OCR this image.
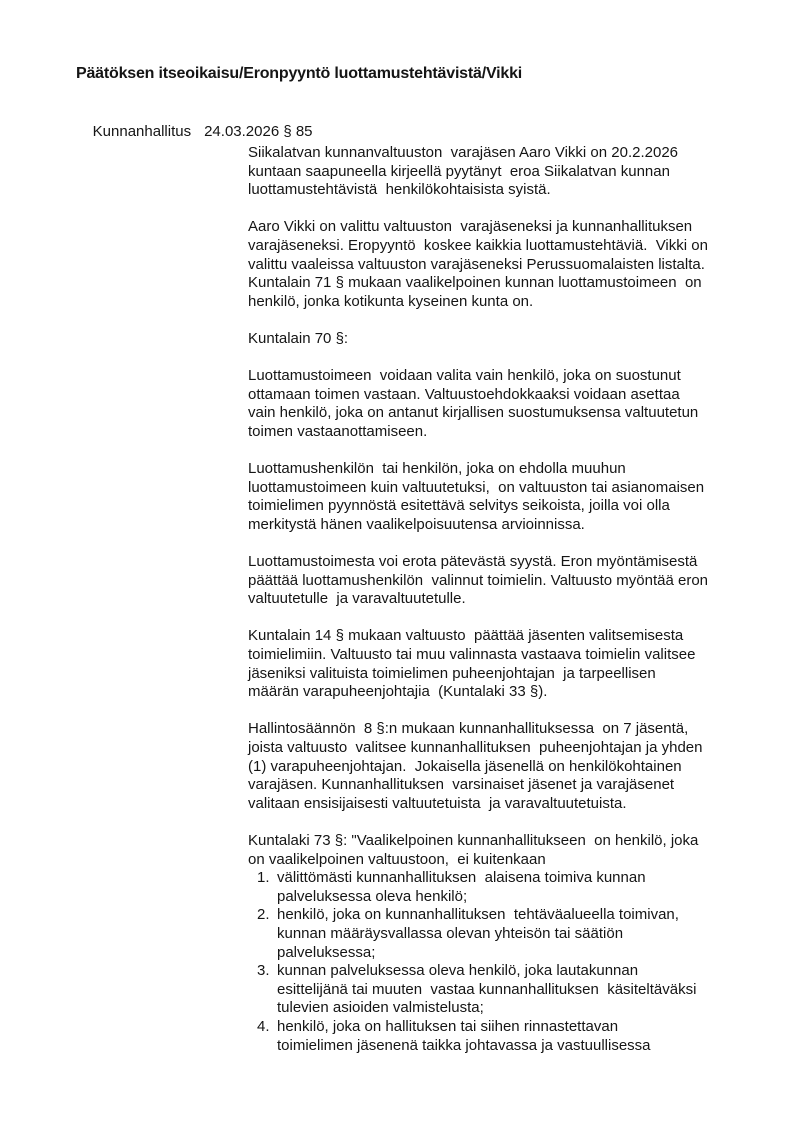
Päätöksen itseoikaisu/Eronpyyntö luottamustehtävistä/Vikki

Kunnanhallitus 24.03.2026 § 85

Siikalatvan kunnanvaltuuston  varajäsen Aaro Vikki on 20.2.2026
kuntaan saapuneella kirjeellä pyytänyt  eroa Siikalatvan kunnan
luottamustehtävistä  henkilökohtaisista syistä.
Aaro Vikki on valittu valtuuston  varajäseneksi ja kunnanhallituksen
varajäseneksi. Eropyyntö  koskee kaikkia luottamustehtäviä.  Vikki on
valittu vaaleissa valtuuston varajäseneksi Perussuomalaisten listalta.
Kuntalain 71 § mukaan vaalikelpoinen kunnan luottamustoimeen  on
henkilö, jonka kotikunta kyseinen kunta on.
Kuntalain 70 §:
Luottamustoimeen  voidaan valita vain henkilö, joka on suostunut
ottamaan toimen vastaan. Valtuustoehdokkaaksi voidaan asettaa
vain henkilö, joka on antanut kirjallisen suostumuksensa valtuutetun
toimen vastaanottamiseen.
Luottamushenkilön  tai henkilön, joka on ehdolla muuhun
luottamustoimeen kuin valtuutetuksi,  on valtuuston tai asianomaisen
toimielimen pyynnöstä esitettävä selvitys seikoista, joilla voi olla
merkitystä hänen vaalikelpoisuutensa arvioinnissa.
Luottamustoimesta voi erota pätevästä syystä. Eron myöntämisestä
päättää luottamushenkilön  valinnut toimielin. Valtuusto myöntää eron
valtuutetulle  ja varavaltuutetulle.
Kuntalain 14 § mukaan valtuusto  päättää jäsenten valitsemisesta
toimielimiin. Valtuusto tai muu valinnasta vastaava toimielin valitsee
jäseniksi valituista toimielimen puheenjohtajan  ja tarpeellisen
määrän varapuheenjohtajia  (Kuntalaki 33 §).
Hallintosäännön  8 §:n mukaan kunnanhallituksessa  on 7 jäsentä,
joista valtuusto  valitsee kunnanhallituksen  puheenjohtajan ja yhden
(1) varapuheenjohtajan.  Jokaisella jäsenellä on henkilökohtainen
varajäsen. Kunnanhallituksen  varsinaiset jäsenet ja varajäsenet
valitaan ensisijaisesti valtuutetuista  ja varavaltuutetuista.
Kuntalaki 73 §: "Vaalikelpoinen kunnanhallitukseen  on henkilö, joka
on vaalikelpoinen valtuustoon,  ei kuitenkaan
1. välittömästi kunnanhallituksen  alaisena toimiva kunnan
palveluksessa oleva henkilö;
2. henkilö, joka on kunnanhallituksen  tehtäväalueella toimivan,
kunnan määräysvallassa olevan yhteisön tai säätiön
palveluksessa;
3. kunnan palveluksessa oleva henkilö, joka lautakunnan
esittelijänä tai muuten  vastaa kunnanhallituksen  käsiteltäväksi
tulevien asioiden valmistelusta;
4. henkilö, joka on hallituksen tai siihen rinnastettavan
toimielimen jäsenenä taikka johtavassa ja vastuullisessa
